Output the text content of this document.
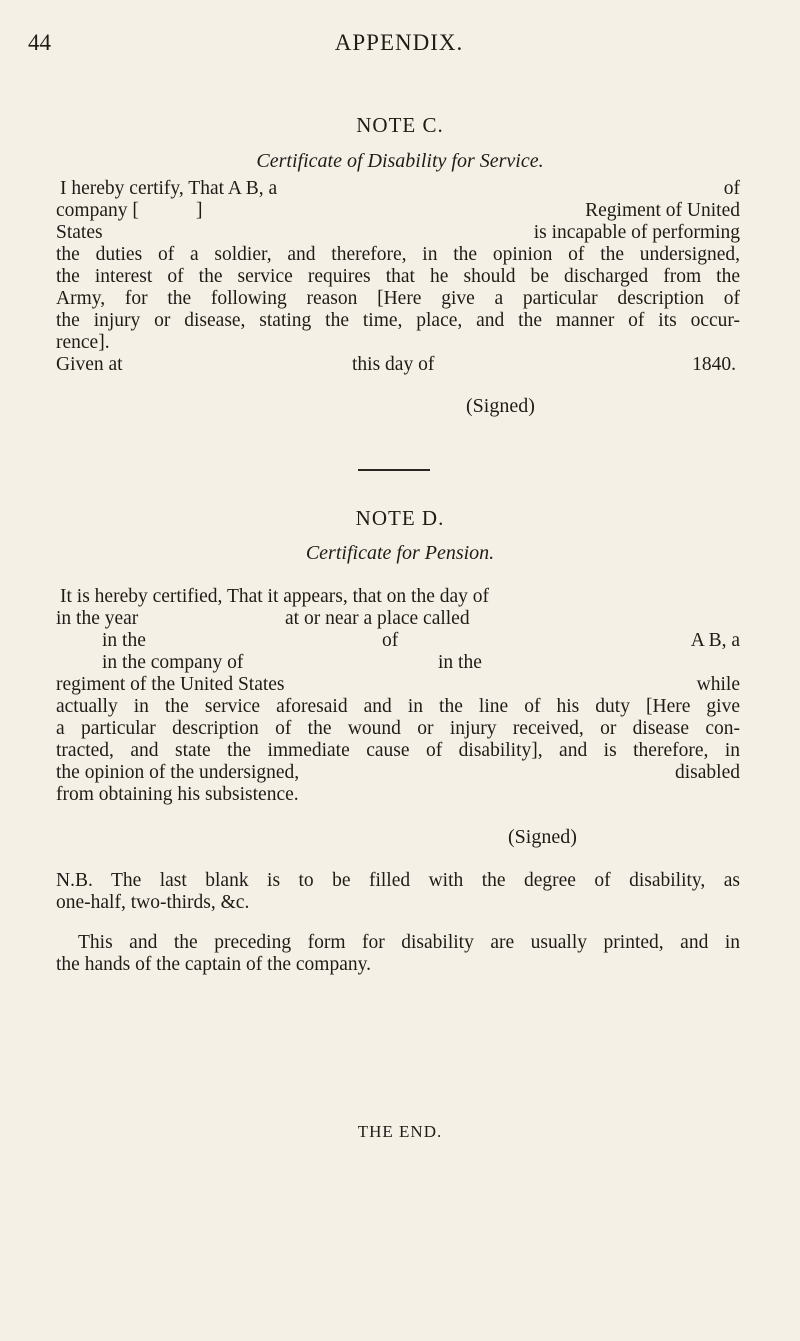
44	APPENDIX.
NOTE C.
Certificate of Disability for Service.
I hereby certify, That A B, a	of
company [	]	Regiment of United
States	is incapable of performing
the duties of a soldier, and therefore, in the opinion of the undersigned,
the interest of the service requires that he should be discharged from the
Army, for the following reason [Here give a particular description of
the injury or disease, stating the time, place, and the manner of its occur-
rence].
Given at	this day of	1840.
(Signed)
NOTE D.
Certificate for Pension.
It is hereby certified, That it appears, that on the day of
in the year	at or near a place called
in the	of	A B, a
in the company of	in the
regiment of the United States	while
actually in the service aforesaid and in the line of his duty [Here give
a particular description of the wound or injury received, or disease con-
tracted, and state the immediate cause of disability], and is therefore, in
the opinion of the undersigned,	disabled
from obtaining his subsistence.
(Signed)
N.B. The last blank is to be filled with the degree of disability, as
one-half, two-thirds, &c.
This and the preceding form for disability are usually printed, and in
the hands of the captain of the company.
THE END.
